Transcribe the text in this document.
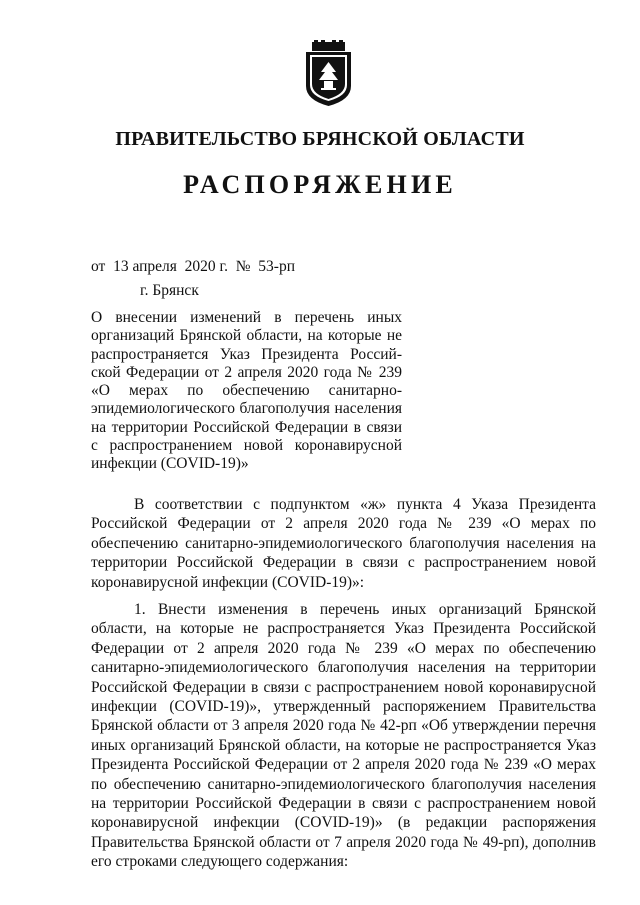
ПРАВИТЕЛЬСТВО БРЯНСКОЙ ОБЛАСТИ
РАСПОРЯЖЕНИЕ
от  13 апреля  2020 г.  №  53-рп
г. Брянск
О внесении изменений в перечень иных организаций Брянской области, на которые не распространяется Указ Президента Российской Федерации от 2 апреля 2020 года № 239 «О мерах по обеспечению санитарно-эпидемиологического благополучия населения на территории Российской Федерации в связи с распространением новой коронавирусной инфекции (COVID-19)»
В соответствии с подпунктом «ж» пункта 4 Указа Президента Российской Федерации от 2 апреля 2020 года № 239 «О мерах по обеспечению санитарно-эпидемиологического благополучия населения на территории Российской Федерации в связи с распространением новой коронавирусной инфекции (COVID-19)»:
1. Внести изменения в перечень иных организаций Брянской области, на которые не распространяется Указ Президента Российской Федерации от 2 апреля 2020 года № 239 «О мерах по обеспечению санитарно-эпидемиологического благополучия населения на территории Российской Федерации в связи с распространением новой коронавирусной инфекции (COVID-19)», утвержденный распоряжением Правительства Брянской области от 3 апреля 2020 года № 42-рп «Об утверждении перечня иных организаций Брянской области, на которые не распространяется Указ Президента Российской Федерации от 2 апреля 2020 года № 239 «О мерах по обеспечению санитарно-эпидемиологического благополучия населения на территории Российской Федерации в связи с распространением новой коронавирусной инфекции (COVID-19)» (в редакции распоряжения Правительства Брянской области от 7 апреля 2020 года № 49-рп), дополнив его строками следующего содержания:
